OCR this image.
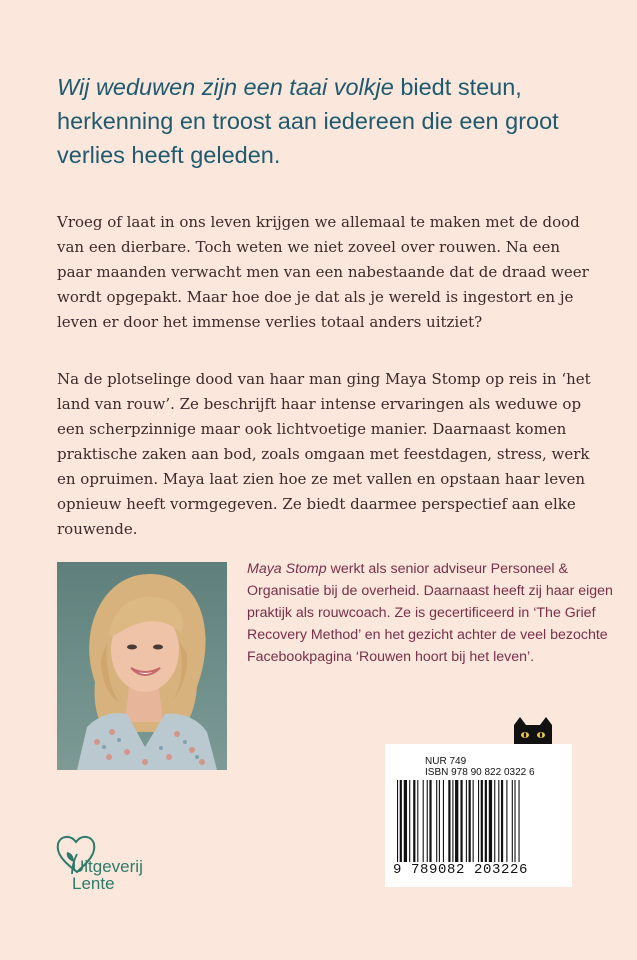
Wij weduwen zijn een taai volkje biedt steun, herkenning en troost aan iedereen die een groot verlies heeft geleden.

Vroeg of laat in ons leven krijgen we allemaal te maken met de dood van een dierbare. Toch weten we niet zoveel over rouwen. Na een paar maanden verwacht men van een nabestaande dat de draad weer wordt opgepakt. Maar hoe doe je dat als je wereld is ingestort en je leven er door het immense verlies totaal anders uitziet?

Na de plotselinge dood van haar man ging Maya Stomp op reis in ‘het land van rouw’. Ze beschrijft haar intense ervaringen als weduwe op een scherpzinnige maar ook lichtvoetige manier. Daarnaast komen praktische zaken aan bod, zoals omgaan met feestdagen, stress, werk en opruimen. Maya laat zien hoe ze met vallen en opstaan haar leven opnieuw heeft vormgegeven. Ze biedt daarmee perspectief aan elke rouwende.

Maya Stomp werkt als senior adviseur Personeel & Organisatie bij de overheid. Daarnaast heeft zij haar eigen praktijk als rouwcoach. Ze is gecertificeerd in ‘The Grief Recovery Method’ en het gezicht achter de veel bezochte Facebookpagina ‘Rouwen hoort bij het leven’.

Uitgeverij
Lente

NUR 749

ISBN 978 90 822 0322 6

9 789082 203226
